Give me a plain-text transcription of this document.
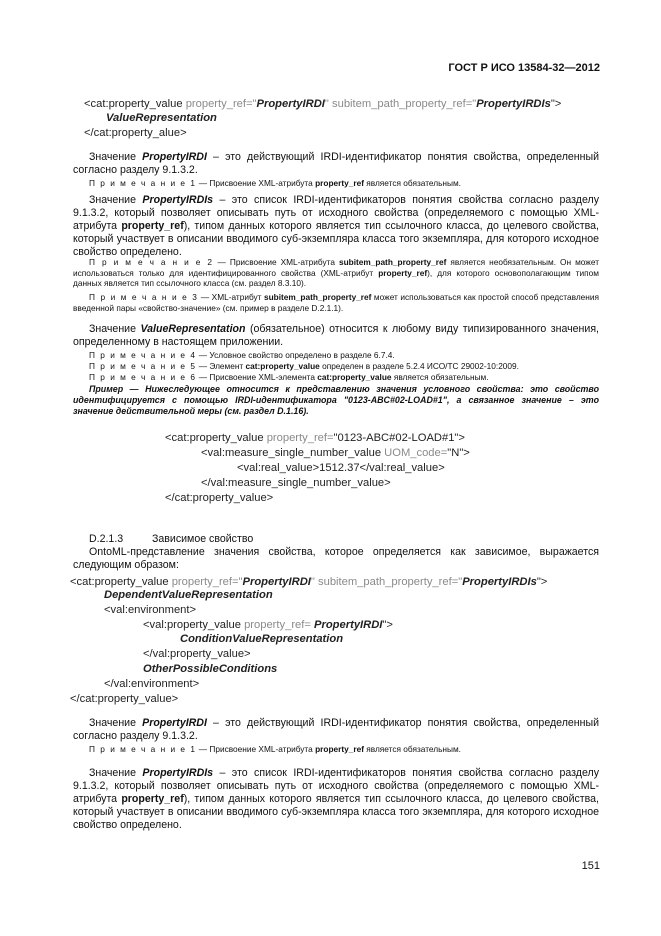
ГОСТ Р ИСО 13584-32—2012
<cat:property_value property_ref="PropertyIRDI" subitem_path_property_ref="PropertyIRDIs">
ValueRepresentation
</cat:property_alue>
Значение PropertyIRDI – это действующий IRDI-идентификатор понятия свойства, определенный согласно разделу 9.1.3.2.
П р и м е ч а н и е 1 — Присвоение XML-атрибута property_ref является обязательным.
Значение PropertyIRDIs – это список IRDI-идентификаторов понятия свойства согласно разделу 9.1.3.2, который позволяет описывать путь от исходного свойства (определяемого с помощью XML-атрибута property_ref), типом данных которого является тип ссылочного класса, до целевого свойства, который участвует в описании вводимого суб-экземпляра класса того экземпляра, для которого исходное свойство определено.
П р и м е ч а н и е 2 — Присвоение XML-атрибута subitem_path_property_ref является необязательным. Он может использоваться только для идентифицированного свойства (XML-атрибут property_ref), для которого основополагающим типом данных является тип ссылочного класса (см. раздел 8.3.10).
П р и м е ч а н и е 3 — XML-атрибут subitem_path_property_ref может использоваться как простой способ представления введенной пары «свойство-значение» (см. пример в разделе D.2.1.1).
Значение ValueRepresentation (обязательное) относится к любому виду типизированного значения, определенному в настоящем приложении.
П р и м е ч а н и е 4 — Условное свойство определено в разделе 6.7.4.
П р и м е ч а н и е 5 — Элемент cat:property_value определен в разделе 5.2.4 ИСО/ТС 29002-10:2009.
П р и м е ч а н и е 6 — Присвоение XML-элемента cat:property_value является обязательным.
Пример — Нижеследующее относится к представлению значения условного свойства: это свойство идентифицируется с помощью IRDI-идентификатора "0123-ABC#02-LOAD#1", а связанное значение – это значение действительной меры (см. раздел D.1.16).
<cat:property_value property_ref="0123-ABC#02-LOAD#1">
<val:measure_single_number_value UOM_code="N">
<val:real_value>1512.37</val:real_value>
</val:measure_single_number_value>
</cat:property_value>
D.2.1.3	Зависимое свойство
OntoML-представление значения свойства, которое определяется как зависимое, выражается следующим образом:
<cat:property_value property_ref="PropertyIRDI" subitem_path_property_ref="PropertyIRDIs">
DependentValueRepresentation
<val:environment>
<val:property_value property_ref= PropertyIRDI">
ConditionValueRepresentation
</val:property_value>
OtherPossibleConditions
</val:environment>
</cat:property_value>
Значение PropertyIRDI – это действующий IRDI-идентификатор понятия свойства, определенный согласно разделу 9.1.3.2.
П р и м е ч а н и е 1 — Присвоение XML-атрибута property_ref является обязательным.
Значение PropertyIRDIs – это список IRDI-идентификаторов понятия свойства согласно разделу 9.1.3.2, который позволяет описывать путь от исходного свойства (определяемого с помощью XML-атрибута property_ref), типом данных которого является тип ссылочного класса, до целевого свойства, который участвует в описании вводимого суб-экземпляра класса того экземпляра, для которого исходное свойство определено.
151
